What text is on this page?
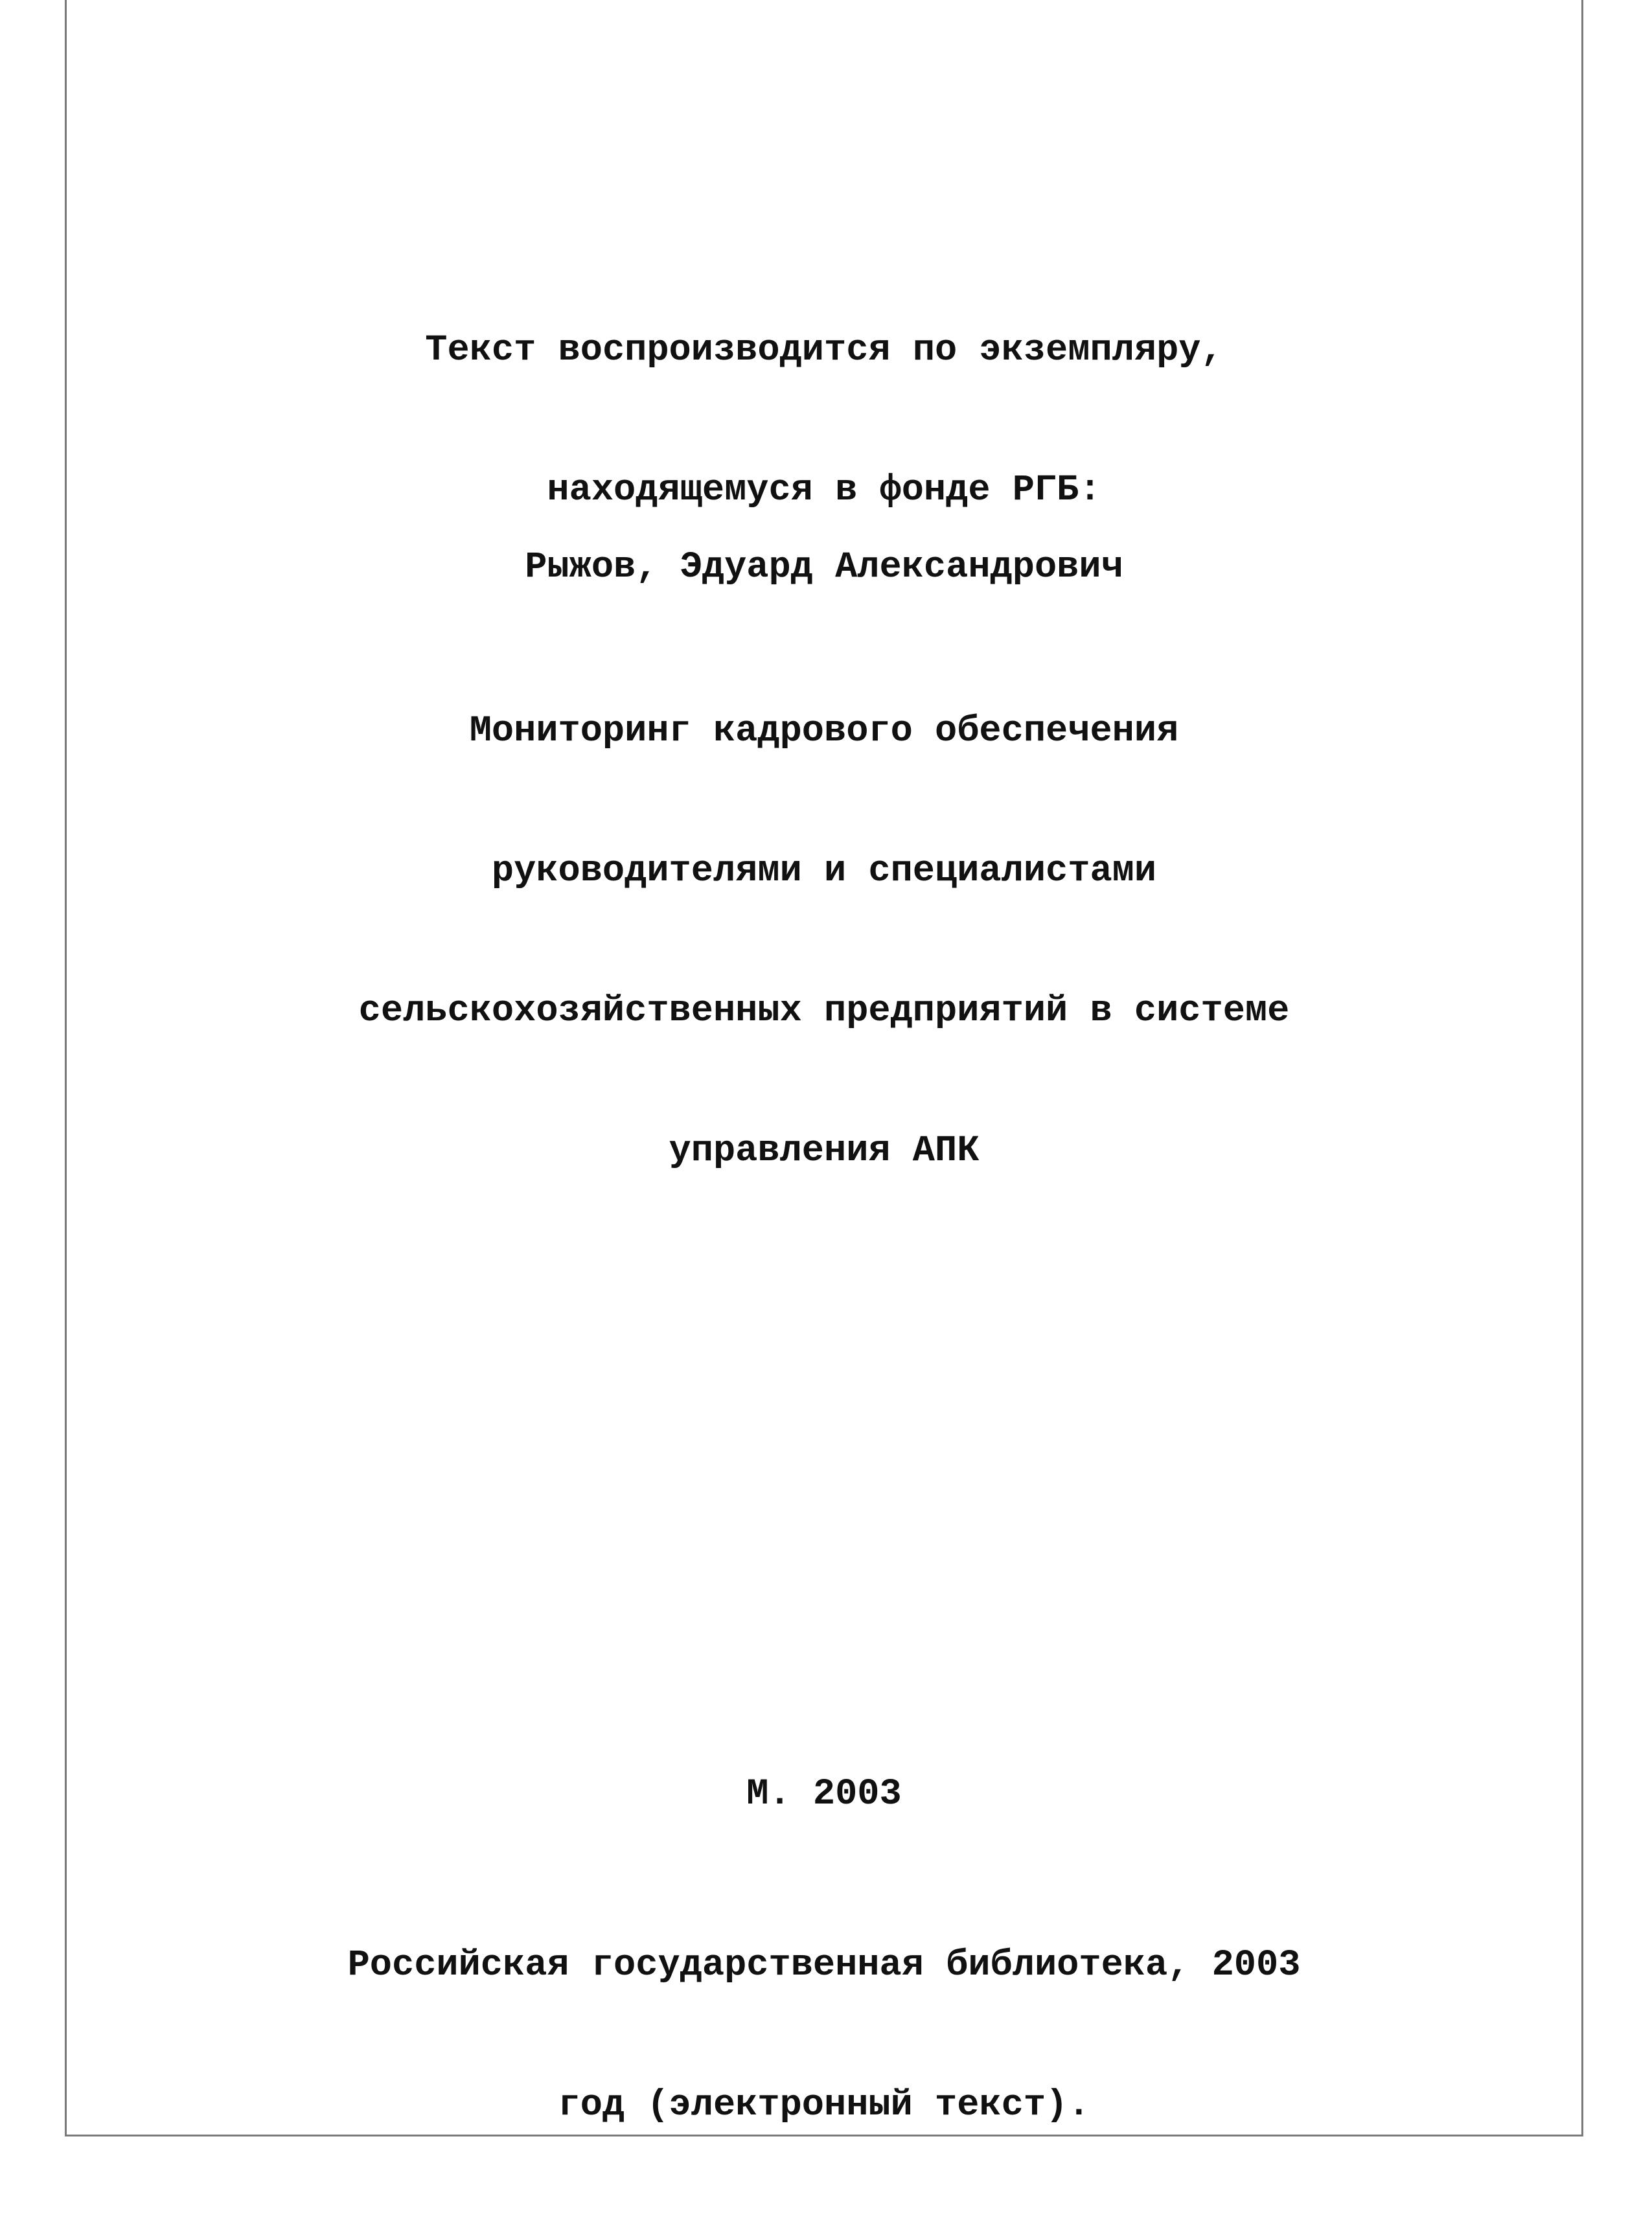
Текст воспроизводится по экземпляру,

находящемуся в фонде РГБ:

Рыжов, Эдуард Александрович

Мониторинг кадрового обеспечения

руководителями и специалистами

сельскохозяйственных предприятий в системе

управления АПК

М. 2003

Российская государственная библиотека, 2003

год (электронный текст).
